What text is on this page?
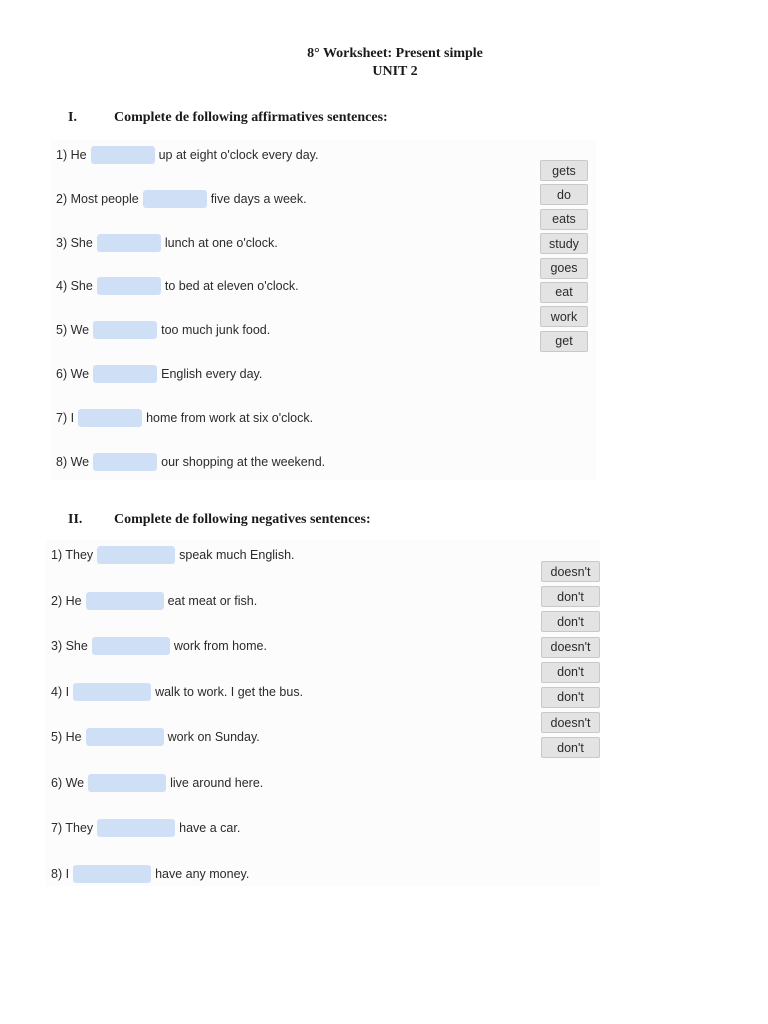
8° Worksheet: Present simple
UNIT 2
I.	Complete de following affirmatives sentences:
1) He	up at eight o'clock every day.
2) Most people	five days a week.
3) She	lunch at one o'clock.
4) She	to bed at eleven o'clock.
5) We	too much junk food.
6) We	English every day.
7) I	home from work at six o'clock.
8) We	our shopping at the weekend.
gets
do
eats
study
goes
eat
work
get
II. Complete de following negatives sentences:
1) They	speak much English.
2) He	eat meat or fish.
3) She	work from home.
4) I	walk to work. I get the bus.
5) He	work on Sunday.
6) We	live around here.
7) They	have a car.
8) I	have any money.
doesn't
don't
don't
doesn't
don't
don't
doesn't
don't
